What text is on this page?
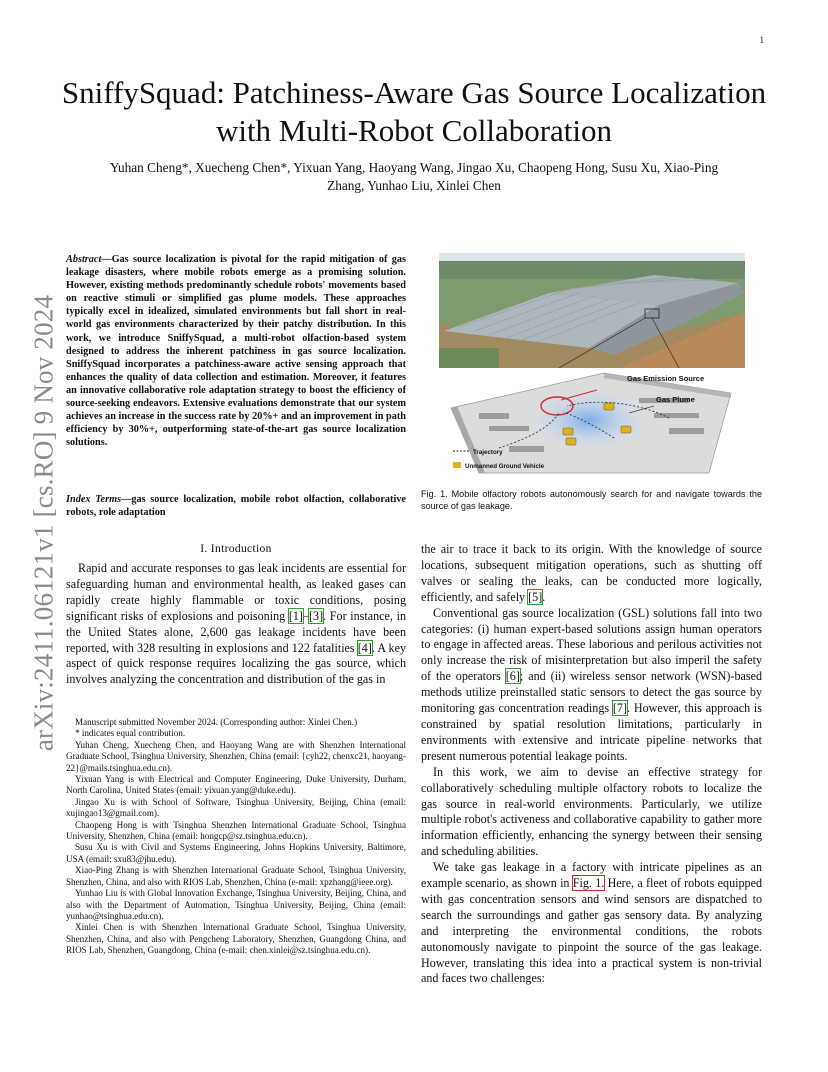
1
arXiv:2411.06121v1 [cs.RO] 9 Nov 2024
SniffySquad: Patchiness-Aware Gas Source Localization with Multi-Robot Collaboration
Yuhan Cheng*, Xuecheng Chen*, Yixuan Yang, Haoyang Wang, Jingao Xu, Chaopeng Hong, Susu Xu, Xiao-Ping Zhang, Yunhao Liu, Xinlei Chen
Abstract—Gas source localization is pivotal for the rapid mitigation of gas leakage disasters, where mobile robots emerge as a promising solution. However, existing methods predominantly schedule robots' movements based on reactive stimuli or simplified gas plume models. These approaches typically excel in idealized, simulated environments but fall short in real-world gas environments characterized by their patchy distribution. In this work, we introduce SniffySquad, a multi-robot olfaction-based system designed to address the inherent patchiness in gas source localization. SniffySquad incorporates a patchiness-aware active sensing approach that enhances the quality of data collection and estimation. Moreover, it features an innovative collaborative role adaptation strategy to boost the efficiency of source-seeking endeavors. Extensive evaluations demonstrate that our system achieves an increase in the success rate by 20%+ and an improvement in path efficiency by 30%+, outperforming state-of-the-art gas source localization solutions.
Index Terms—gas source localization, mobile robot olfaction, collaborative robots, role adaptation
I. Introduction

Rapid and accurate responses to gas leak incidents are essential for safeguarding human and environmental health, as leaked gases can rapidly create highly flammable or toxic conditions, posing significant risks of explosions and poisoning [1]–[3]. For instance, in the United States alone, 2,600 gas leakage incidents have been reported, with 328 resulting in explosions and 122 fatalities [4]. A key aspect of quick response requires localizing the gas source, which involves analyzing the concentration and distribution of the gas in

Manuscript submitted November 2024. (Corresponding author: Xinlei Chen.)

* indicates equal contribution.

Yuhan Cheng, Xuecheng Chen, and Haoyang Wang are with Shenzhen International Graduate School, Tsinghua University, Shenzhen, China (email: {cyh22, chenxc21, haoyang-22}@mails.tsinghua.edu.cn).

Yixuan Yang is with Electrical and Computer Engineering, Duke University, Durham, North Carolina, United States (email: yixuan.yang@duke.edu).

Jingao Xu is with School of Software, Tsinghua University, Beijing, China (email: xujingao13@gmail.com).

Chaopeng Hong is with Tsinghua Shenzhen International Graduate School, Tsinghua University, Shenzhen, China (email: hongcp@sz.tsinghua.edu.cn).

Susu Xu is with Civil and Systems Engineering, Johns Hopkins University, Baltimore, USA (email: sxu83@jhu.edu).

Xiao-Ping Zhang is with Shenzhen International Graduate School, Tsinghua University, Shenzhen, China, and also with RIOS Lab, Shenzhen, China (e-mail: xpzhang@ieee.org).

Yunhao Liu is with Global Innovation Exchange, Tsinghua University, Beijing, China, and also with the Department of Automation, Tsinghua University, Beijing, China (email: yunhao@tsinghua.edu.cn).

Xinlei Chen is with Shenzhen International Graduate School, Tsinghua University, Shenzhen, China, and also with Pengcheng Laboratory, Shenzhen, Guangdong China, and RIOS Lab, Shenzhen, Guangdong, China (e-mail: chen.xinlei@sz.tsinghua.edu.cn).

Gas Emission Source
Gas Plume
Trajectory
Unmanned Ground Vehicle
Fig. 1. Mobile olfactory robots autonomously search for and navigate towards the source of gas leakage.

the air to trace it back to its origin. With the knowledge of source locations, subsequent mitigation operations, such as shutting off valves or sealing the leaks, can be conducted more logically, efficiently, and safely [5].

Conventional gas source localization (GSL) solutions fall into two categories: (i) human expert-based solutions assign human operators to engage in affected areas. These laborious and perilous activities not only increase the risk of misinterpretation but also imperil the safety of the operators [6]; and (ii) wireless sensor network (WSN)-based methods utilize preinstalled static sensors to detect the gas source by monitoring gas concentration readings [7]. However, this approach is constrained by spatial resolution limitations, particularly in environments with extensive and intricate pipeline networks that present numerous potential leakage points.

In this work, we aim to devise an effective strategy for collaboratively scheduling multiple olfactory robots to localize the gas source in real-world environments. Particularly, we utilize multiple robot's activeness and collaborative capability to gather more information efficiently, enhancing the synergy between their sensing and scheduling abilities.

We take gas leakage in a factory with intricate pipelines as an example scenario, as shown in Fig. 1. Here, a fleet of robots equipped with gas concentration sensors and wind sensors are dispatched to search the surroundings and gather gas sensory data. By analyzing and interpreting the environmental conditions, the robots autonomously navigate to pinpoint the source of the gas leakage. However, translating this idea into a practical system is non-trivial and faces two challenges:
